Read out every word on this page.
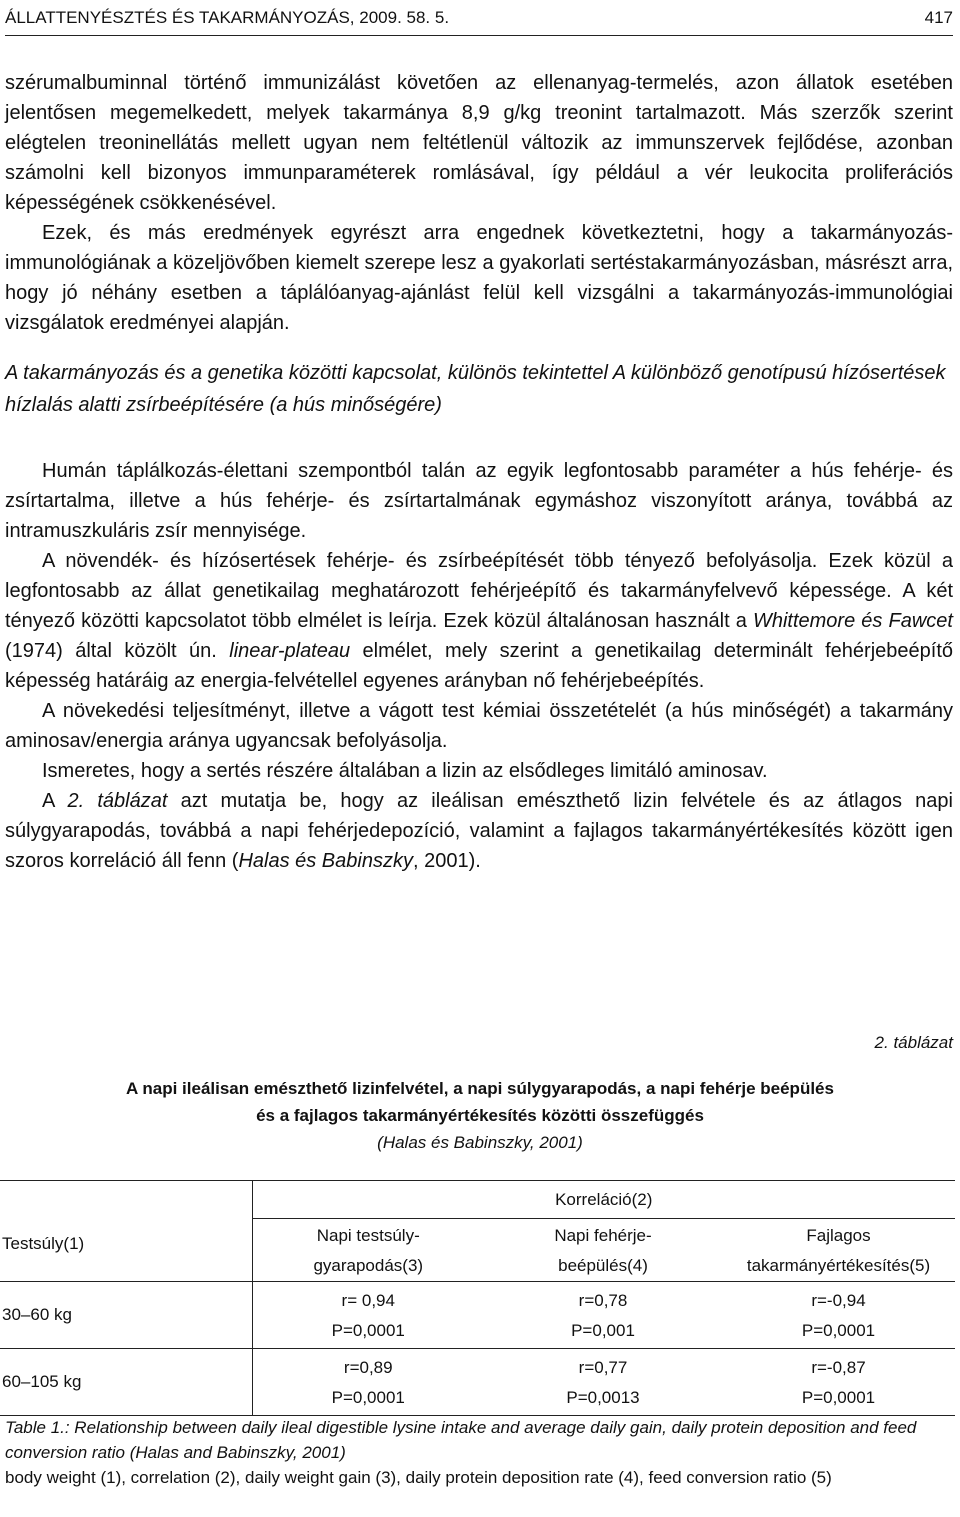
ÁLLATTENYÉSZTÉS ÉS TAKARMÁNYOZÁS, 2009. 58. 5.	417

szérumalbuminnal történő immunizálást követően az ellenanyag-termelés, azon állatok esetében jelentősen megemelkedett, melyek takarmánya 8,9 g/kg treonint tartalmazott. Más szerzők szerint elégtelen treoninellátás mellett ugyan nem feltétlenül változik az immunszervek fejlődése, azonban számolni kell bizonyos immunparaméterek romlásával, így például a vér leukocita proliferációs képességének csökkenésével.

Ezek, és más eredmények egyrészt arra engednek következtetni, hogy a takarmányozás-immunológiának a közeljövőben kiemelt szerepe lesz a gyakorlati sertéstakarmányozásban, másrészt arra, hogy jó néhány esetben a táplálóanyag-ajánlást felül kell vizsgálni a takarmányozás-immunológiai vizsgálatok eredményei alapján.

A takarmányozás és a genetika közötti kapcsolat, különös tekintettel A különböző genotípusú hízósertések hízlalás alatti zsírbeépítésére (a hús minőségére)

Humán táplálkozás-élettani szempontból talán az egyik legfontosabb paraméter a hús fehérje- és zsírtartalma, illetve a hús fehérje- és zsírtartalmának egymáshoz viszonyított aránya, továbbá az intramuszkuláris zsír mennyisége.

A növendék- és hízósertések fehérje- és zsírbeépítését több tényező befolyásolja. Ezek közül a legfontosabb az állat genetikailag meghatározott fehérjeépítő és takarmányfelvevő képessége. A két tényező közötti kapcsolatot több elmélet is leírja. Ezek közül általánosan használt a Whittemore és Fawcet (1974) által közölt ún. linear-plateau elmélet, mely szerint a genetikailag determinált fehérjebeépítő képesség határáig az energia-felvétellel egyenes arányban nő fehérjebeépítés.

A növekedési teljesítményt, illetve a vágott test kémiai összetételét (a hús minőségét) a takarmány aminosav/energia aránya ugyancsak befolyásolja.

Ismeretes, hogy a sertés részére általában a lizin az elsődleges limitáló aminosav.

A 2. táblázat azt mutatja be, hogy az ileálisan emészthető lizin felvétele és az átlagos napi súlygyarapodás, továbbá a napi fehérjedepozíció, valamint a fajlagos takarmányértékesítés között igen szoros korreláció áll fenn (Halas és Babinszky, 2001).

2. táblázat
A napi ileálisan emészthető lizinfelvétel, a napi súlygyarapodás, a napi fehérje beépülés
és a fajlagos takarmányértékesítés közötti összefüggés
(Halas és Babinszky, 2001)
Testsúly(1)	Korreláció(2)		
	Napi testsúly-	Napi fehérje-	Fajlagos
	gyarapodás(3)	beépülés(4)	takarmányértékesítés(5)
30–60 kg	r= 0,94	r=0,78	r=-0,94
	P=0,0001	P=0,001	P=0,0001
60–105 kg	r=0,89	r=0,77	r=-0,87
	P=0,0001	P=0,0013	P=0,0001
Table 1.: Relationship between daily ileal digestible lysine intake and average daily gain, daily protein deposition and feed conversion ratio (Halas and Babinszky, 2001)
body weight (1), correlation (2), daily weight gain (3), daily protein deposition rate (4), feed conversion ratio (5)
